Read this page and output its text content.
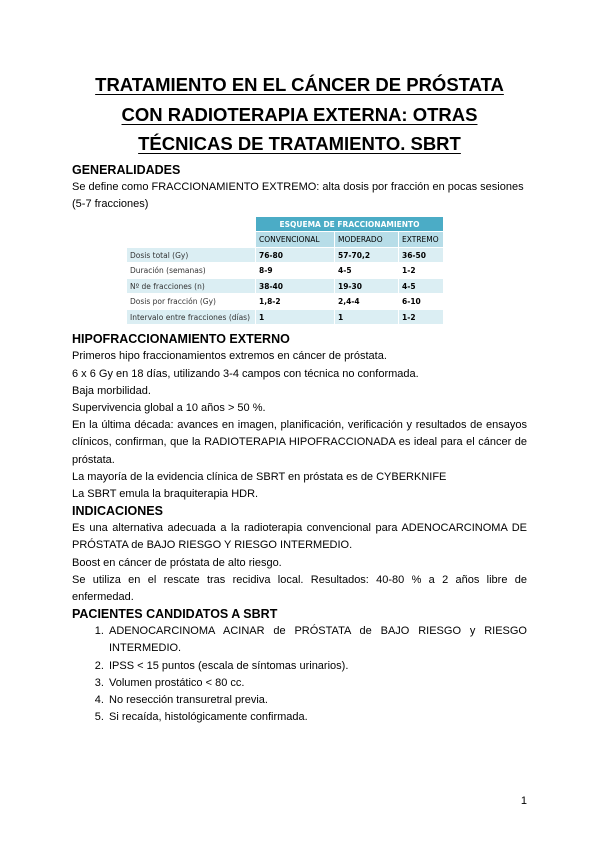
TRATAMIENTO EN EL CÁNCER DE PRÓSTATA
CON RADIOTERAPIA EXTERNA: OTRAS
TÉCNICAS DE TRATAMIENTO. SBRT
GENERALIDADES

Se define como FRACCIONAMIENTO EXTREMO: alta dosis por fracción en pocas sesiones (5-7 fracciones)

	ESQUEMA DE FRACCIONAMIENTO		
	CONVENCIONAL	MODERADO	EXTREMO
Dosis total (Gy)	76-80	57-70,2	36-50
Duración (semanas)	8-9	4-5	1-2
Nº de fracciones (n)	38-40	19-30	4-5
Dosis por fracción (Gy)	1,8-2	2,4-4	6-10
Intervalo entre fracciones (días)	1	1	1-2
HIPOFRACCIONAMIENTO EXTERNO

Primeros hipo fraccionamientos extremos en cáncer de próstata.

6 x 6 Gy en 18 días, utilizando 3-4 campos con técnica no conformada.

Baja morbilidad.

Supervivencia global a 10 años > 50 %.

En la última década: avances en imagen, planificación, verificación y resultados de ensayos clínicos, confirman, que la RADIOTERAPIA HIPOFRACCIONADA es ideal para el cáncer de próstata.

La mayoría de la evidencia clínica de SBRT en próstata es de CYBERKNIFE

La SBRT emula la braquiterapia HDR.

INDICACIONES

Es una alternativa adecuada a la radioterapia convencional para ADENOCARCINOMA DE PRÓSTATA de BAJO RIESGO Y RIESGO INTERMEDIO.

Boost en cáncer de próstata de alto riesgo.

Se utiliza en el rescate tras recidiva local. Resultados: 40-80 % a 2 años libre de enfermedad.

PACIENTES CANDIDATOS A SBRT
1. ADENOCARCINOMA ACINAR de PRÓSTATA de BAJO RIESGO y RIESGO INTERMEDIO.
2. IPSS < 15 puntos (escala de síntomas urinarios).
3. Volumen prostático < 80 cc.
4. No resección transuretral previa.
5. Si recaída, histológicamente confirmada.
1
